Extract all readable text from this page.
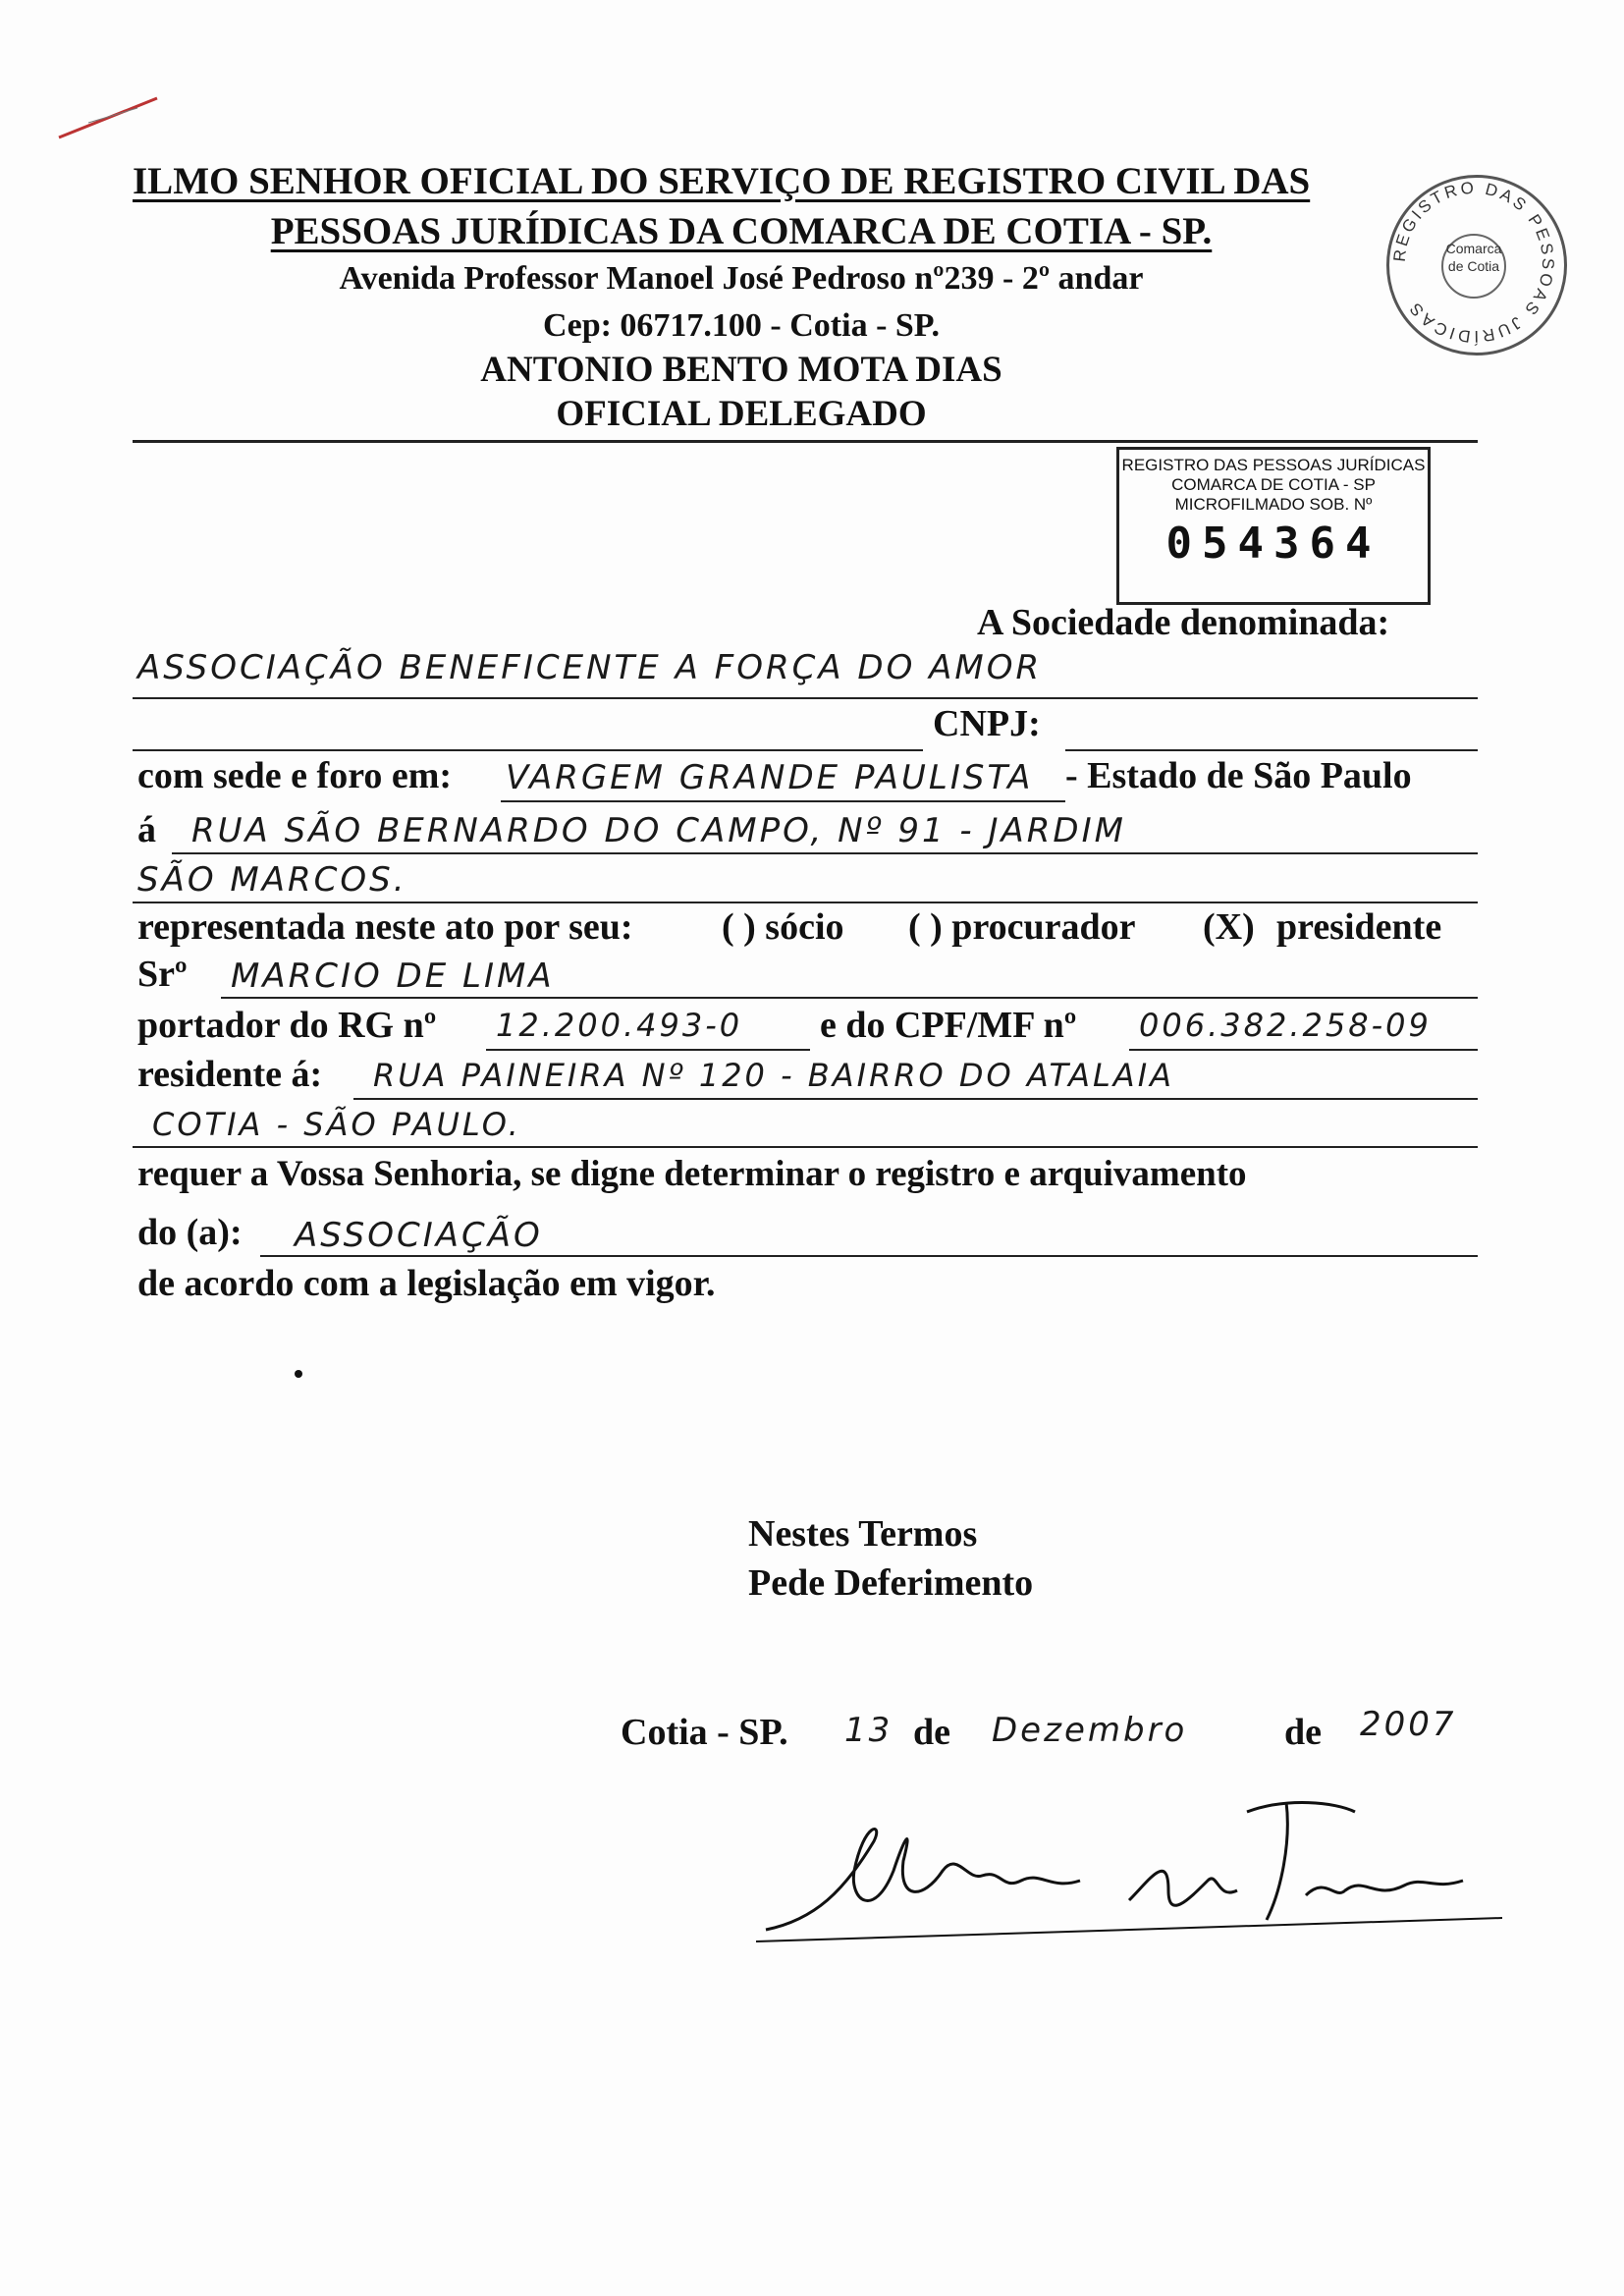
ILMO SENHOR OFICIAL DO SERVIÇO DE REGISTRO CIVIL DAS
PESSOAS JURÍDICAS DA COMARCA DE COTIA - SP.
Avenida Professor Manoel José Pedroso nº239 - 2º andar
Cep: 06717.100 - Cotia - SP.
ANTONIO BENTO MOTA DIAS
OFICIAL DELEGADO
REGISTRO DAS PESSOAS JURÍDICAS
Comarca de Cotia
REGISTRO DAS PESSOAS JURÍDICAS
COMARCA DE COTIA - SP
MICROFILMADO SOB. Nº
054364
A Sociedade denominada:
ASSOCIAÇÃO BENEFICENTE A FORÇA DO AMOR
CNPJ:
com sede e foro em: VARGEM GRANDE PAULISTA - Estado de São Paulo
á RUA SÃO BERNARDO DO CAMPO, Nº 91 - JARDIM
SÃO MARCOS.
representada neste ato por seu: ( ) sócio ( ) procurador (X) presidente
Srº MARCIO DE LIMA
portador do RG nº 12.200.493-0 e do CPF/MF nº 006.382.258-09
residente á: RUA PAINEIRA Nº 120 - BAIRRO DO ATALAIA
COTIA - SÃO PAULO.
requer a Vossa Senhoria, se digne determinar o registro e arquivamento
do (a): ASSOCIAÇÃO
de acordo com a legislação em vigor.
Nestes Termos
Pede Deferimento
Cotia - SP. 13 de Dezembro	de 2007
